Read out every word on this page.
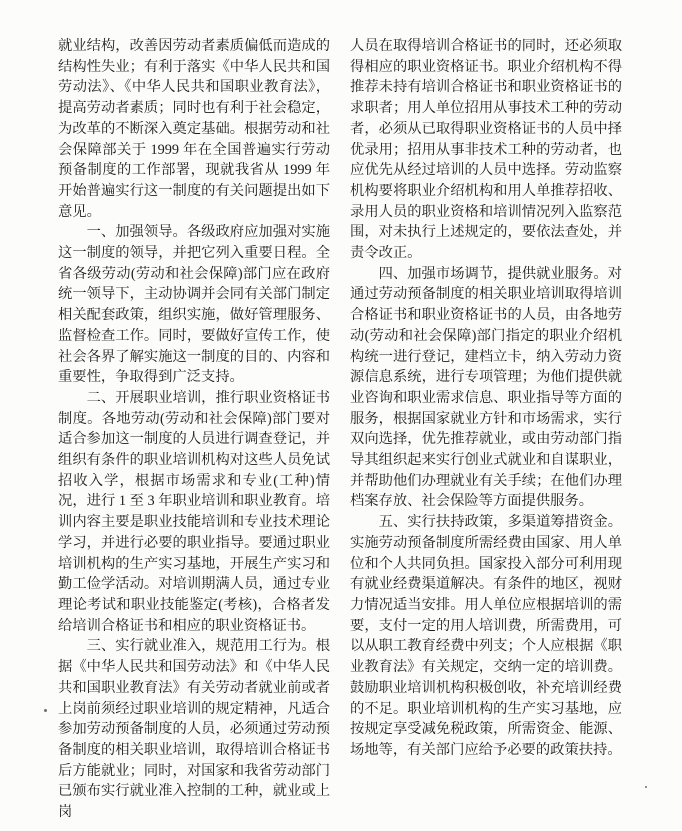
就业结构，改善因劳动者素质偏低而造成的结构性失业；有利于落实《中华人民共和国劳动法》、《中华人民共和国职业教育法》，提高劳动者素质；同时也有利于社会稳定，为改革的不断深入奠定基础。根据劳动和社会保障部关于 1999 年在全国普遍实行劳动预备制度的工作部署，现就我省从 1999 年开始普遍实行这一制度的有关问题提出如下意见。

一、加强领导。各级政府应加强对实施这一制度的领导，并把它列入重要日程。全省各级劳动(劳动和社会保障)部门应在政府统一领导下，主动协调并会同有关部门制定相关配套政策，组织实施，做好管理服务、监督检查工作。同时，要做好宣传工作，使社会各界了解实施这一制度的目的、内容和重要性，争取得到广泛支持。

二、开展职业培训，推行职业资格证书制度。各地劳动(劳动和社会保障)部门要对适合参加这一制度的人员进行调查登记，并组织有条件的职业培训机构对这些人员免试招收入学，根据市场需求和专业(工种)情况，进行 1 至 3 年职业培训和职业教育。培训内容主要是职业技能培训和专业技术理论学习，并进行必要的职业指导。要通过职业培训机构的生产实习基地，开展生产实习和勤工俭学活动。对培训期满人员，通过专业理论考试和职业技能鉴定(考核)，合格者发给培训合格证书和相应的职业资格证书。

三、实行就业准入，规范用工行为。根据《中华人民共和国劳动法》和《中华人民共和国职业教育法》有关劳动者就业前或者上岗前须经过职业培训的规定精神，凡适合参加劳动预备制度的人员，必须通过劳动预备制度的相关职业培训，取得培训合格证书后方能就业；同时，对国家和我省劳动部门已颁布实行就业准入控制的工种，就业或上岗

人员在取得培训合格证书的同时，还必须取得相应的职业资格证书。职业介绍机构不得推荐未持有培训合格证书和职业资格证书的求职者；用人单位招用从事技术工种的劳动者，必须从已取得职业资格证书的人员中择优录用；招用从事非技术工种的劳动者，也应优先从经过培训的人员中选择。劳动监察机构要将职业介绍机构和用人单推荐招收、录用人员的职业资格和培训情况列入监察范围，对未执行上述规定的，要依法查处，并责令改正。

四、加强市场调节，提供就业服务。对通过劳动预备制度的相关职业培训取得培训合格证书和职业资格证书的人员，由各地劳动(劳动和社会保障)部门指定的职业介绍机构统一进行登记，建档立卡，纳入劳动力资源信息系统，进行专项管理；为他们提供就业咨询和职业需求信息、职业指导等方面的服务，根据国家就业方针和市场需求，实行双向选择，优先推荐就业，或由劳动部门指导其组织起来实行创业式就业和自谋职业，并帮助他们办理就业有关手续；在他们办理档案存放、社会保险等方面提供服务。

五、实行扶持政策，多渠道筹措资金。实施劳动预备制度所需经费由国家、用人单位和个人共同负担。国家投入部分可利用现有就业经费渠道解决。有条件的地区，视财力情况适当安排。用人单位应根据培训的需要，支付一定的用人培训费，所需费用，可以从职工教育经费中列支；个人应根据《职业教育法》有关规定，交纳一定的培训费。鼓励职业培训机构积极创收，补充培训经费的不足。职业培训机构的生产实习基地，应按规定享受减免税政策，所需资金、能源、场地等，有关部门应给予必要的政策扶持。
